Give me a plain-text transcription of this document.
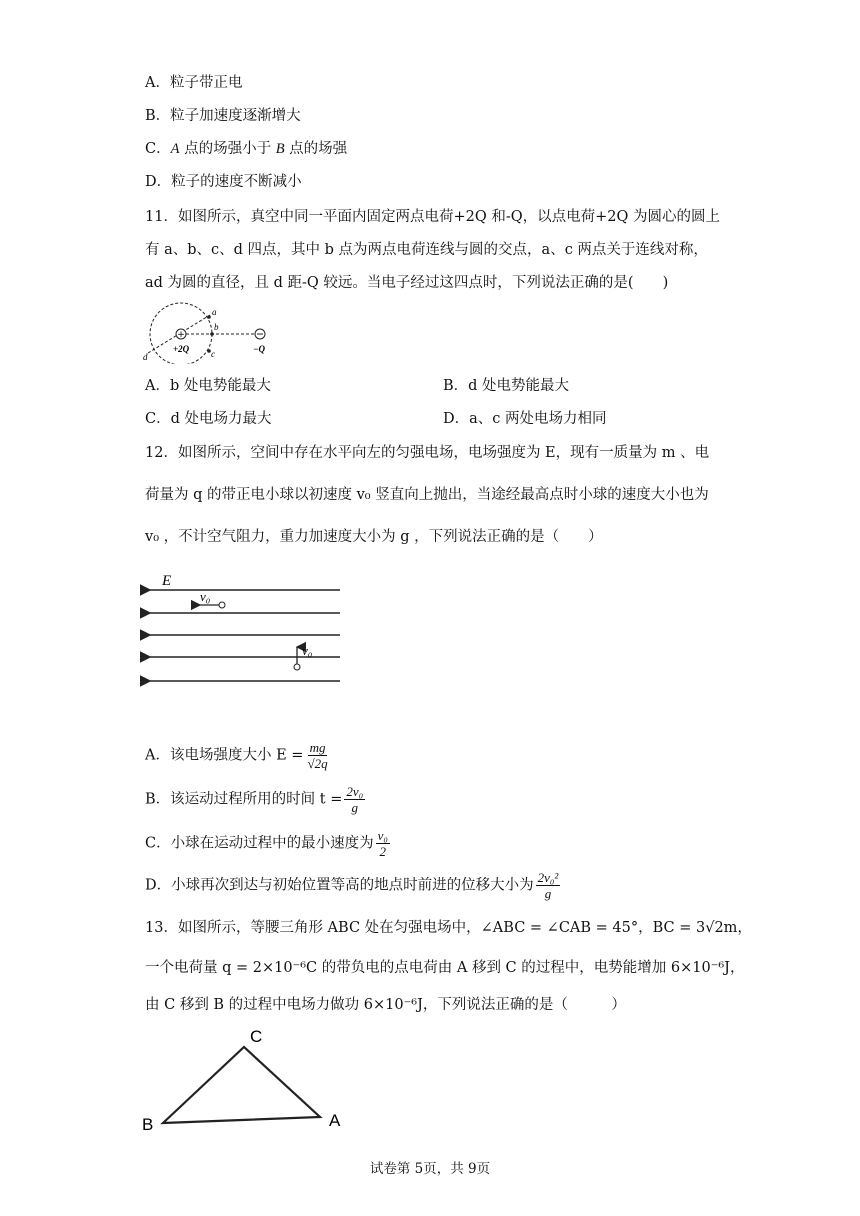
A．粒子带正电
B．粒子加速度逐渐增大
C．A 点的场强小于 B 点的场强
D．粒子的速度不断减小
11．如图所示，真空中同一平面内固定两点电荷+2Q 和-Q，以点电荷+2Q 为圆心的圆上
有 a、b、c、d 四点，其中 b 点为两点电荷连线与圆的交点，a、c 两点关于连线对称，
ad 为圆的直径，且 d 距-Q 较远。当电子经过这四点时，下列说法正确的是(　　)
+
a
b
c
d
+2Q	−Q
A．b 处电势能最大	B．d 处电势能最大
C．d 处电场力最大	D．a、c 两处电场力相同
12．如图所示，空间中存在水平向左的匀强电场，电场强度为 E，现有一质量为 m 、电
荷量为 q 的带正电小球以初速度 v₀ 竖直向上抛出，当途经最高点时小球的速度大小也为
v₀ ，不计空气阻力，重力加速度大小为 g ，下列说法正确的是（　　）
E
v₀
v₀
A．该电场强度大小 $E = \frac{mg}{√2q}$
B．该运动过程所用的时间 $t = \frac{\text{2v₀}}{g}$
C．小球在运动过程中的最小速度为 $\frac{\text{v₀}}{2}$
D．小球再次到达与初始位置等高的地点时前进的位移大小为 $\frac{\text{2v₀²}}{g}$
13．如图所示，等腰三角形 ABC 处在匀强电场中，∠ABC = ∠CAB = 45°，BC = 3√2m，
一个电荷量 q = 2×10⁻⁶C 的带负电的点电荷由 A 移到 C 的过程中，电势能增加 6×10⁻⁶J，
由 C 移到 B 的过程中电场力做功 6×10⁻⁶J，下列说法正确的是（　　　）
C
B	A
试卷第 5页，共 9页
